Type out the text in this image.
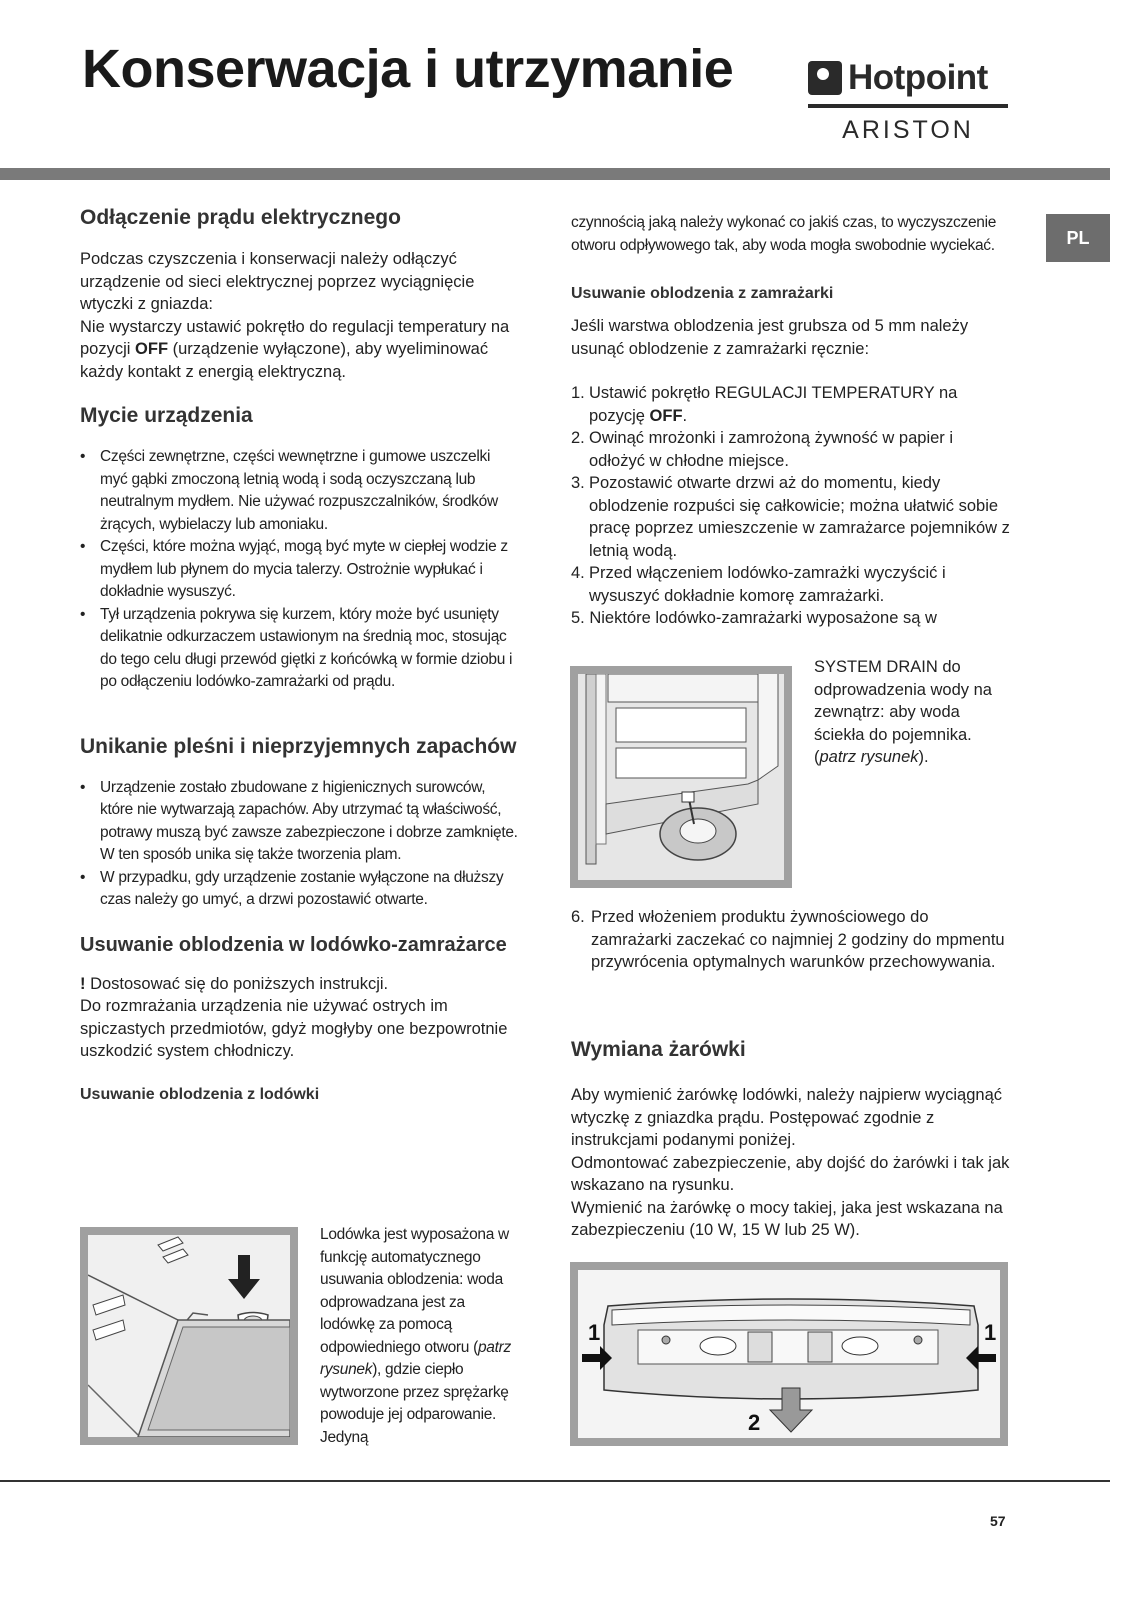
Konserwacja i utrzymanie	Hotpoint
ARISTON
PL
Odłączenie prądu elektrycznego

Podczas czyszczenia i konserwacji należy odłączyć urządzenie od sieci elektrycznej poprzez wyciągnięcie wtyczki z gniazda:

Nie wystarczy ustawić pokrętło do regulacji temperatury na pozycji OFF (urządzenie wyłączone), aby wyeliminować każdy kontakt z energią elektryczną.

Mycie urządzenia
• Części zewnętrzne, części wewnętrzne i gumowe uszczelki myć gąbki zmoczoną letnią wodą i sodą oczyszczaną lub neutralnym mydłem. Nie używać rozpuszczalników, środków żrących, wybielaczy lub amoniaku.
• Części, które można wyjąć, mogą być myte w ciepłej wodzie z mydłem lub płynem do mycia talerzy. Ostrożnie wypłukać i dokładnie wysuszyć.
• Tył urządzenia pokrywa się kurzem, który może być usunięty delikatnie odkurzaczem ustawionym na średnią moc, stosując do tego celu długi przewód giętki z końcówką w formie dziobu i po odłączeniu lodówko-zamrażarki od prądu.
Unikanie pleśni i nieprzyjemnych zapachów
• Urządzenie zostało zbudowane z higienicznych surowców, które nie wytwarzają zapachów. Aby utrzymać tą właściwość, potrawy muszą być zawsze zabezpieczone i dobrze zamknięte. W ten sposób unika się także tworzenia plam.
• W przypadku, gdy urządzenie zostanie wyłączone na dłuższy czas należy go umyć, a drzwi pozostawić otwarte.
Usuwanie oblodzenia w lodówko-zamrażarce

! Dostosować się do poniższych instrukcji.

Do rozmrażania urządzenia nie używać ostrych im spiczastych przedmiotów, gdyż mogłyby one bezpowrotnie uszkodzić system chłodniczy.

Usuwanie oblodzenia z lodówki

Lodówka jest wyposażona w funkcję automatycznego usuwania oblodzenia: woda odprowadzana jest za lodówkę za pomocą odpowiedniego otworu (patrz rysunek), gdzie ciepło wytworzone przez sprężarkę powoduje jej odparowanie. Jedyną

czynnością jaką należy wykonać co jakiś czas, to wyczyszczenie otworu odpływowego tak, aby woda mogła swobodnie wyciekać.

Usuwanie oblodzenia z zamrażarki

Jeśli warstwa oblodzenia jest grubsza od 5 mm należy usunąć oblodzenie z zamrażarki ręcznie:

1. Ustawić pokrętło REGULACJI TEMPERATURY na pozycję OFF.
2. Owinąć mrożonki i zamrożoną żywność w papier i odłożyć w chłodne miejsce.
3. Pozostawić otwarte drzwi aż do momentu, kiedy oblodzenie rozpuści się całkowicie; można ułatwić sobie pracę poprzez umieszczenie w zamrażarce pojemników z letnią wodą.
4. Przed włączeniem lodówko-zamrażki wyczyścić i wysuszyć dokładnie komorę zamrażarki.

5. Niektóre lodówko-zamrażarki wyposażone są w

SYSTEM DRAIN do odprowadzenia wody na zewnątrz: aby woda ściekła do pojemnika. (patrz rysunek).

6. Przed włożeniem produktu żywnościowego do zamrażarki zaczekać co najmniej 2 godziny do mpmentu przywrócenia optymalnych warunków przechowywania.
Wymiana żarówki

Aby wymienić żarówkę lodówki, należy najpierw wyciągnąć wtyczkę z gniazdka prądu. Postępować zgodnie z instrukcjami podanymi poniżej.

Odmontować zabezpieczenie, aby dojść do żarówki i tak jak wskazano na rysunku.

Wymienić na żarówkę o mocy takiej, jaka jest wskazana na zabezpieczeniu (10 W, 15 W lub 25 W).

1	1
2
57
